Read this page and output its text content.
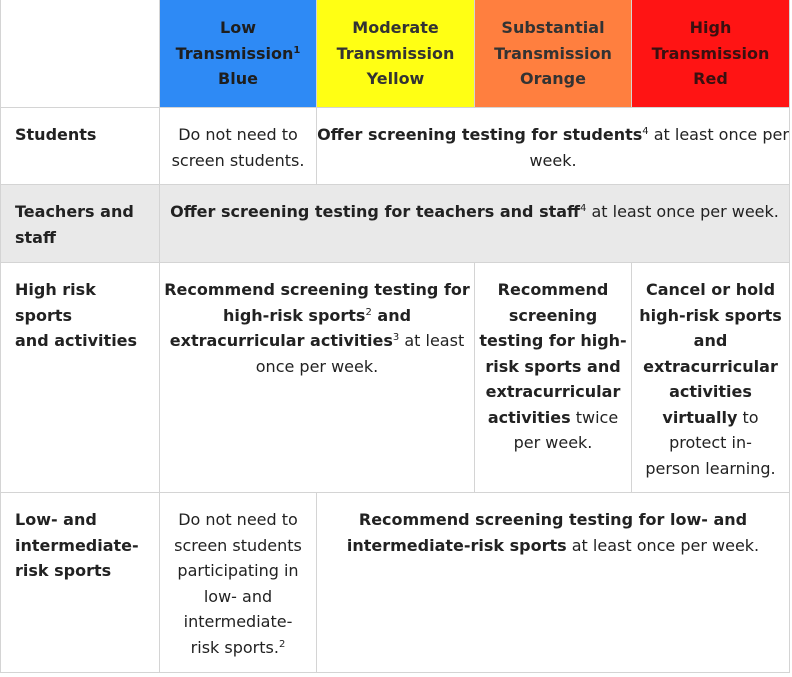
Low
Transmission$^1$
Blue
Moderate
Transmission
Yellow
Substantial
Transmission
Orange
High
Transmission
Red
Students	Do not need to
screen students.
Offer screening testing for students$^4$ at least once per
week.
Teachers and
staff
Offer screening testing for teachers and staff$^4$ at least once per week.
High risk sports
and activities
Recommend screening testing for
high-risk sports$^2$ and
extracurricular activities$^3$ at least
once per week.
Recommend
screening
testing for high-
risk sports and
extracurricular
activities twice
per week.
Cancel or hold
high-risk sports
and
extracurricular
activities
virtually to
protect in-
person learning.
Low- and
intermediate-
risk sports
Do not need to
screen students
participating in
low- and
intermediate-
risk sports.$^2$
Recommend screening testing for low- and
intermediate-risk sports at least once per week.
